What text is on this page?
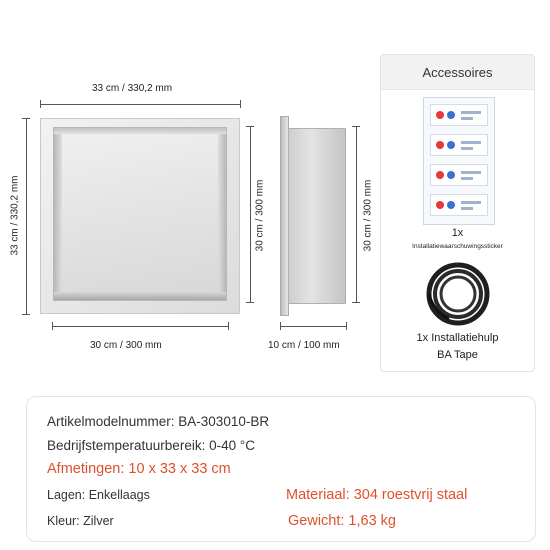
33 cm / 330,2 mm
33 cm / 330,2 mm	30 cm / 300 mm
30 cm / 300 mm
30 cm / 300 mm
10 cm / 100 mm
Accessoires
1x
Installatiewaarschuwingssticker
1x Installatiehulp
BA Tape
Artikelmodelnummer: BA-303010-BR
Bedrijfstemperatuurbereik: 0-40 °C
Afmetingen: 10 x 33 x 33 cm
Lagen: Enkellaags	Materiaal: 304 roestvrij staal
Kleur: Zilver	Gewicht: 1,63 kg
